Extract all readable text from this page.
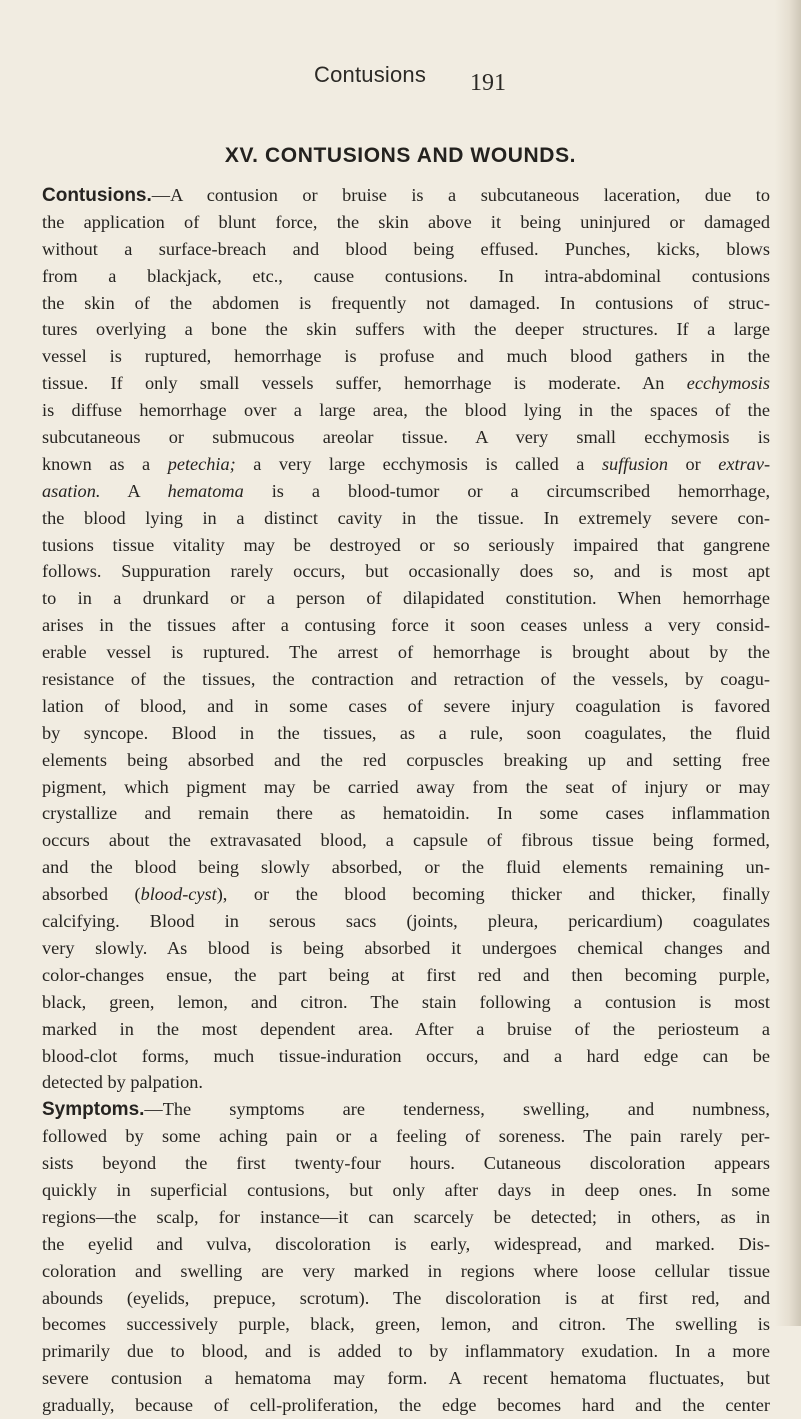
Contusions 191
XV. CONTUSIONS AND WOUNDS.
Contusions.—A contusion or bruise is a subcutaneous laceration, due to
the application of blunt force, the skin above it being uninjured or damaged
without a surface-breach and blood being effused. Punches, kicks, blows
from a blackjack, etc., cause contusions. In intra-abdominal contusions
the skin of the abdomen is frequently not damaged. In contusions of struc-
tures overlying a bone the skin suffers with the deeper structures. If a large
vessel is ruptured, hemorrhage is profuse and much blood gathers in the
tissue. If only small vessels suffer, hemorrhage is moderate. An ecchymosis
is diffuse hemorrhage over a large area, the blood lying in the spaces of the
subcutaneous or submucous areolar tissue. A very small ecchymosis is
known as a petechia; a very large ecchymosis is called a suffusion or extrav-
asation. A hematoma is a blood-tumor or a circumscribed hemorrhage,
the blood lying in a distinct cavity in the tissue. In extremely severe con-
tusions tissue vitality may be destroyed or so seriously impaired that gangrene
follows. Suppuration rarely occurs, but occasionally does so, and is most apt
to in a drunkard or a person of dilapidated constitution. When hemorrhage
arises in the tissues after a contusing force it soon ceases unless a very consid-
erable vessel is ruptured. The arrest of hemorrhage is brought about by the
resistance of the tissues, the contraction and retraction of the vessels, by coagu-
lation of blood, and in some cases of severe injury coagulation is favored
by syncope. Blood in the tissues, as a rule, soon coagulates, the fluid
elements being absorbed and the red corpuscles breaking up and setting free
pigment, which pigment may be carried away from the seat of injury or may
crystallize and remain there as hematoidin. In some cases inflammation
occurs about the extravasated blood, a capsule of fibrous tissue being formed,
and the blood being slowly absorbed, or the fluid elements remaining un-
absorbed (blood-cyst), or the blood becoming thicker and thicker, finally
calcifying. Blood in serous sacs (joints, pleura, pericardium) coagulates
very slowly. As blood is being absorbed it undergoes chemical changes and
color-changes ensue, the part being at first red and then becoming purple,
black, green, lemon, and citron. The stain following a contusion is most
marked in the most dependent area. After a bruise of the periosteum a
blood-clot forms, much tissue-induration occurs, and a hard edge can be
detected by palpation.
Symptoms.—The symptoms are tenderness, swelling, and numbness,
followed by some aching pain or a feeling of soreness. The pain rarely per-
sists beyond the first twenty-four hours. Cutaneous discoloration appears
quickly in superficial contusions, but only after days in deep ones. In some
regions—the scalp, for instance—it can scarcely be detected; in others, as in
the eyelid and vulva, discoloration is early, widespread, and marked. Dis-
coloration and swelling are very marked in regions where loose cellular tissue
abounds (eyelids, prepuce, scrotum). The discoloration is at first red, and
becomes successively purple, black, green, lemon, and citron. The swelling is
primarily due to blood, and is added to by inflammatory exudation. In a more
severe contusion a hematoma may form. A recent hematoma fluctuates, but
gradually, because of cell-proliferation, the edge becomes hard and the center
